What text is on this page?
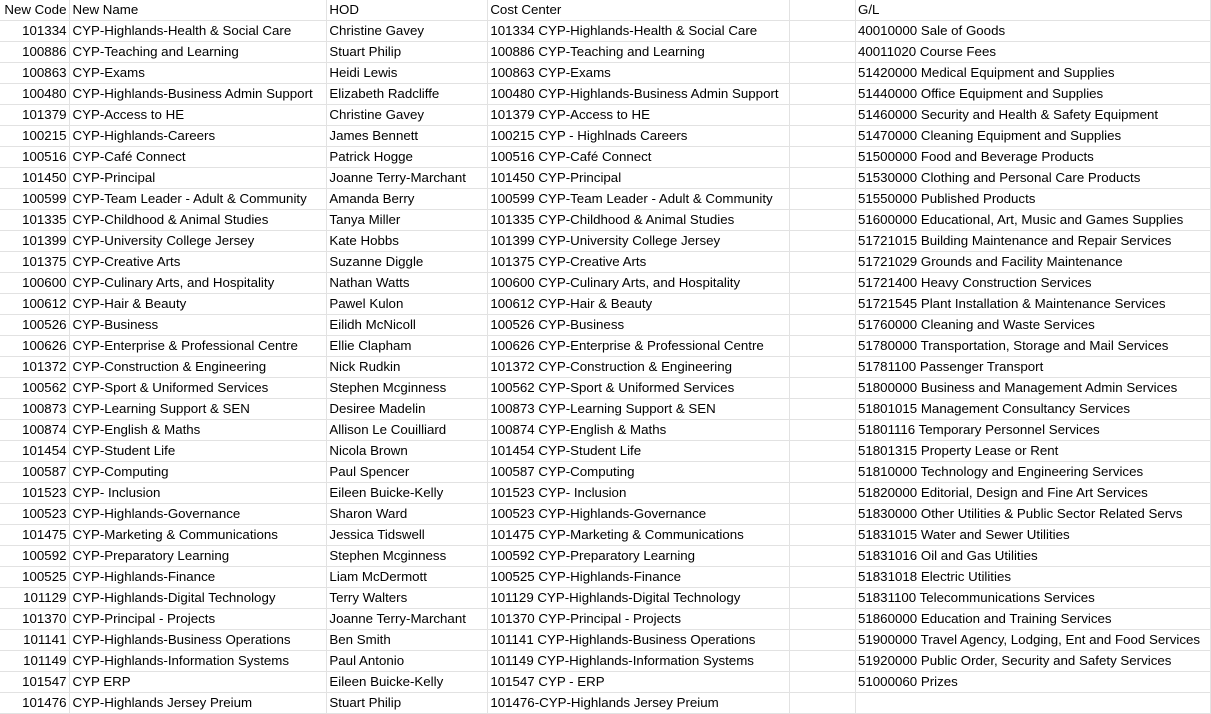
New Code	New Name	HOD	Cost Center		G/L
101334	CYP-Highlands-Health & Social Care	Christine Gavey	101334 CYP-Highlands-Health & Social Care		40010000 Sale of Goods
100886	CYP-Teaching and Learning	Stuart Philip	100886 CYP-Teaching and Learning		40011020 Course Fees
100863	CYP-Exams	Heidi Lewis	100863 CYP-Exams		51420000 Medical Equipment and Supplies
100480	CYP-Highlands-Business Admin Support	Elizabeth Radcliffe	100480 CYP-Highlands-Business Admin Support		51440000 Office Equipment and Supplies
101379	CYP-Access to HE	Christine Gavey	101379 CYP-Access to HE		51460000 Security and Health & Safety Equipment
100215	CYP-Highlands-Careers	James Bennett	100215 CYP - Highlnads Careers		51470000 Cleaning Equipment and Supplies
100516	CYP-Café Connect	Patrick Hogge	100516 CYP-Café Connect		51500000 Food and Beverage Products
101450	CYP-Principal	Joanne Terry-Marchant	101450 CYP-Principal		51530000 Clothing and Personal Care Products
100599	CYP-Team Leader - Adult & Community	Amanda Berry	100599 CYP-Team Leader - Adult & Community		51550000 Published Products
101335	CYP-Childhood & Animal Studies	Tanya Miller	101335 CYP-Childhood & Animal Studies		51600000 Educational, Art, Music and Games Supplies
101399	CYP-University College Jersey	Kate Hobbs	101399 CYP-University College Jersey		51721015 Building Maintenance and Repair Services
101375	CYP-Creative Arts	Suzanne Diggle	101375 CYP-Creative Arts		51721029 Grounds and Facility Maintenance
100600	CYP-Culinary Arts, and Hospitality	Nathan Watts	100600 CYP-Culinary Arts, and Hospitality		51721400 Heavy Construction Services
100612	CYP-Hair & Beauty	Pawel Kulon	100612 CYP-Hair & Beauty		51721545 Plant Installation & Maintenance Services
100526	CYP-Business	Eilidh McNicoll	100526 CYP-Business		51760000 Cleaning and Waste Services
100626	CYP-Enterprise & Professional Centre	Ellie Clapham	100626 CYP-Enterprise & Professional Centre		51780000 Transportation, Storage and Mail Services
101372	CYP-Construction & Engineering	Nick Rudkin	101372 CYP-Construction & Engineering		51781100 Passenger Transport
100562	CYP-Sport & Uniformed Services	Stephen Mcginness	100562 CYP-Sport & Uniformed Services		51800000 Business and Management Admin Services
100873	CYP-Learning Support & SEN	Desiree Madelin	100873 CYP-Learning Support & SEN		51801015 Management Consultancy Services
100874	CYP-English & Maths	Allison Le Couilliard	100874 CYP-English & Maths		51801116 Temporary Personnel Services
101454	CYP-Student Life	Nicola Brown	101454 CYP-Student Life		51801315 Property Lease or Rent
100587	CYP-Computing	Paul Spencer	100587 CYP-Computing		51810000 Technology and Engineering Services
101523	CYP- Inclusion	Eileen Buicke-Kelly	101523 CYP- Inclusion		51820000 Editorial, Design and Fine Art Services
100523	CYP-Highlands-Governance	Sharon Ward	100523 CYP-Highlands-Governance		51830000 Other Utilities & Public Sector Related Servs
101475	CYP-Marketing & Communications	Jessica Tidswell	101475 CYP-Marketing & Communications		51831015 Water and Sewer Utilities
100592	CYP-Preparatory Learning	Stephen Mcginness	100592 CYP-Preparatory Learning		51831016 Oil and Gas Utilities
100525	CYP-Highlands-Finance	Liam McDermott	100525 CYP-Highlands-Finance		51831018 Electric Utilities
101129	CYP-Highlands-Digital Technology	Terry Walters	101129 CYP-Highlands-Digital Technology		51831100 Telecommunications Services
101370	CYP-Principal - Projects	Joanne Terry-Marchant	101370 CYP-Principal - Projects		51860000 Education and Training Services
101141	CYP-Highlands-Business Operations	Ben Smith	101141 CYP-Highlands-Business Operations		51900000 Travel Agency, Lodging, Ent and Food Services
101149	CYP-Highlands-Information Systems	Paul Antonio	101149 CYP-Highlands-Information Systems		51920000 Public Order, Security and Safety Services
101547	CYP ERP	Eileen Buicke-Kelly	101547 CYP - ERP		51000060 Prizes
101476	CYP-Highlands Jersey Preium	Stuart Philip	101476-CYP-Highlands Jersey Preium		
